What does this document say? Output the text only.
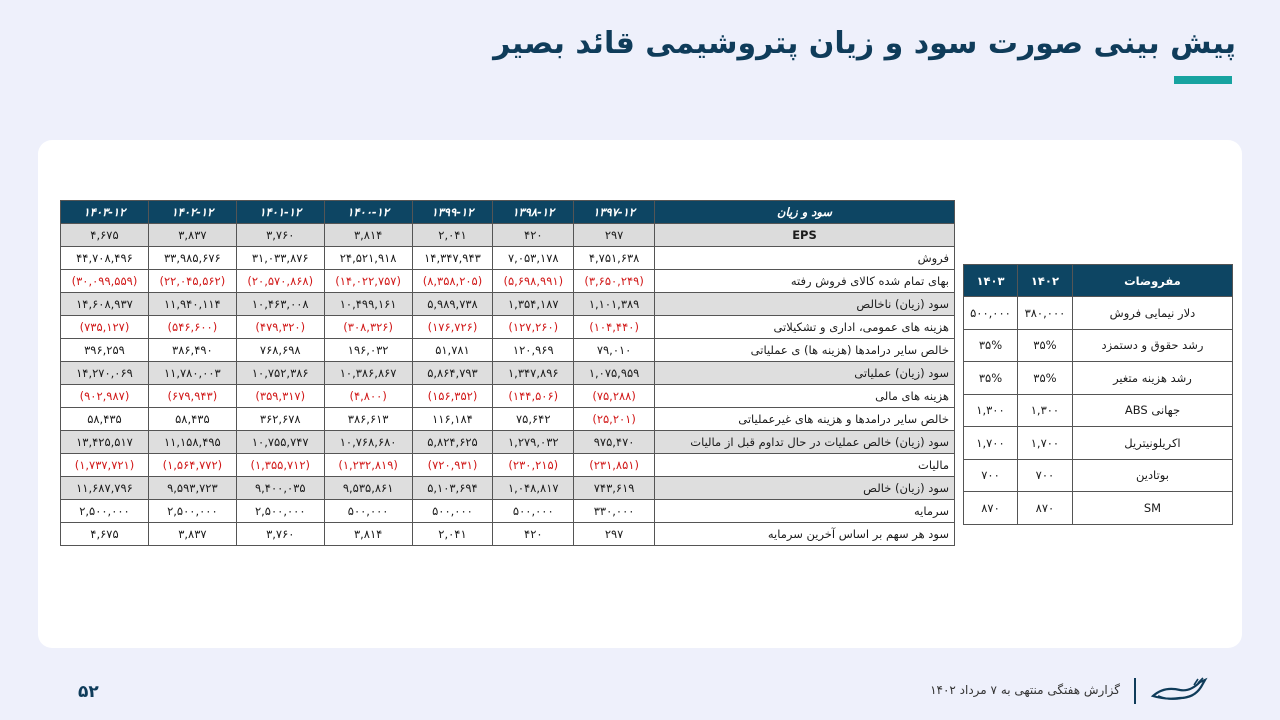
پیش بینی صورت سود و زیان پتروشیمی قائد بصیر
سود و زیان	۱۳۹۷-۱۲	۱۳۹۸-۱۲	۱۳۹۹-۱۲	۱۴۰۰-۱۲	۱۴۰۱-۱۲	۱۴۰۲-۱۲	۱۴۰۳-۱۲
EPS	۲۹۷	۴۲۰	۲,۰۴۱	۳,۸۱۴	۳,۷۶۰	۳,۸۳۷	۴,۶۷۵
فروش	۴,۷۵۱,۶۳۸	۷,۰۵۳,۱۷۸	۱۴,۳۴۷,۹۴۳	۲۴,۵۲۱,۹۱۸	۳۱,۰۳۳,۸۷۶	۳۳,۹۸۵,۶۷۶	۴۴,۷۰۸,۴۹۶
بهای تمام شده کالای فروش رفته	(۳,۶۵۰,۲۴۹)	(۵,۶۹۸,۹۹۱)	(۸,۳۵۸,۲۰۵)	(۱۴,۰۲۲,۷۵۷)	(۲۰,۵۷۰,۸۶۸)	(۲۲,۰۴۵,۵۶۲)	(۳۰,۰۹۹,۵۵۹)
سود (زیان) ناخالص	۱,۱۰۱,۳۸۹	۱,۳۵۴,۱۸۷	۵,۹۸۹,۷۳۸	۱۰,۴۹۹,۱۶۱	۱۰,۴۶۳,۰۰۸	۱۱,۹۴۰,۱۱۴	۱۴,۶۰۸,۹۳۷
هزینه های عمومی، اداری و تشکیلاتی	(۱۰۴,۴۴۰)	(۱۲۷,۲۶۰)	(۱۷۶,۷۲۶)	(۳۰۸,۳۲۶)	(۴۷۹,۳۲۰)	(۵۴۶,۶۰۰)	(۷۳۵,۱۲۷)
خالص سایر درامدها (هزینه ها) ی عملیاتی	۷۹,۰۱۰	۱۲۰,۹۶۹	۵۱,۷۸۱	۱۹۶,۰۳۲	۷۶۸,۶۹۸	۳۸۶,۴۹۰	۳۹۶,۲۵۹
سود (زیان) عملیاتی	۱,۰۷۵,۹۵۹	۱,۳۴۷,۸۹۶	۵,۸۶۴,۷۹۳	۱۰,۳۸۶,۸۶۷	۱۰,۷۵۲,۳۸۶	۱۱,۷۸۰,۰۰۳	۱۴,۲۷۰,۰۶۹
هزینه های مالی	(۷۵,۲۸۸)	(۱۴۴,۵۰۶)	(۱۵۶,۳۵۲)	(۴,۸۰۰)	(۳۵۹,۳۱۷)	(۶۷۹,۹۴۳)	(۹۰۲,۹۸۷)
خالص سایر درامدها و هزینه های غیرعملیاتی	(۲۵,۲۰۱)	۷۵,۶۴۲	۱۱۶,۱۸۴	۳۸۶,۶۱۳	۳۶۲,۶۷۸	۵۸,۴۳۵	۵۸,۴۳۵
سود (زیان) خالص عملیات در حال تداوم قبل از مالیات	۹۷۵,۴۷۰	۱,۲۷۹,۰۳۲	۵,۸۲۴,۶۲۵	۱۰,۷۶۸,۶۸۰	۱۰,۷۵۵,۷۴۷	۱۱,۱۵۸,۴۹۵	۱۳,۴۲۵,۵۱۷
مالیات	(۲۳۱,۸۵۱)	(۲۳۰,۲۱۵)	(۷۲۰,۹۳۱)	(۱,۲۳۲,۸۱۹)	(۱,۳۵۵,۷۱۲)	(۱,۵۶۴,۷۷۲)	(۱,۷۳۷,۷۲۱)
سود (زیان) خالص	۷۴۳,۶۱۹	۱,۰۴۸,۸۱۷	۵,۱۰۳,۶۹۴	۹,۵۳۵,۸۶۱	۹,۴۰۰,۰۳۵	۹,۵۹۳,۷۲۳	۱۱,۶۸۷,۷۹۶
سرمایه	۳۳۰,۰۰۰	۵۰۰,۰۰۰	۵۰۰,۰۰۰	۵۰۰,۰۰۰	۲,۵۰۰,۰۰۰	۲,۵۰۰,۰۰۰	۲,۵۰۰,۰۰۰
سود هر سهم بر اساس آخرین سرمایه	۲۹۷	۴۲۰	۲,۰۴۱	۳,۸۱۴	۳,۷۶۰	۳,۸۳۷	۴,۶۷۵
مفروضات	۱۴۰۲	۱۴۰۳
دلار نیمایی فروش	۳۸۰,۰۰۰	۵۰۰,۰۰۰
رشد حقوق و دستمزد	۳۵%	۳۵%
رشد هزینه متغیر	۳۵%	۳۵%
جهانی ABS	۱,۳۰۰	۱,۳۰۰
اکریلونیتریل	۱,۷۰۰	۱,۷۰۰
بوتادین	۷۰۰	۷۰۰
SM	۸۷۰	۸۷۰
۵۲	گزارش هفتگی منتهی به ۷ مرداد ۱۴۰۲
